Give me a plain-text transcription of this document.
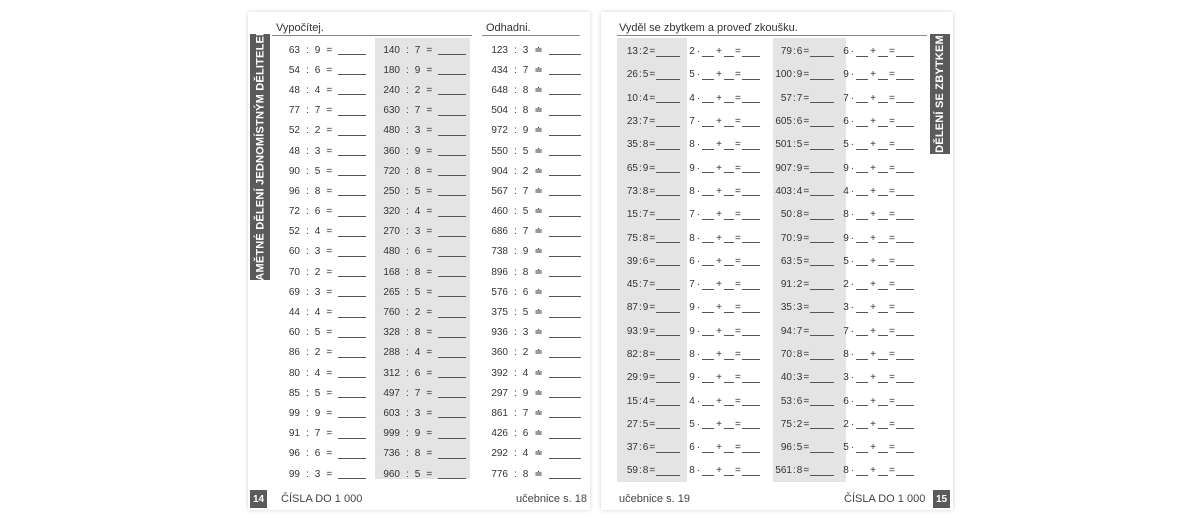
PAMĚTNÉ DĚLENÍ JEDNOMÍSTNÝM DĚLITELEM Vypočítej.	Odhadni.
63 : 9 =
54 : 6 =
48 : 4 =
77 : 7 =
52 : 2 =
48 : 3 =
90 : 5 =
96 : 8 =
72 : 6 =
52 : 4 =
60 : 3 =
70 : 2 =
69 : 3 =
44 : 4 =
60 : 5 =
86 : 2 =
80 : 4 =
85 : 5 =
99 : 9 =
91 : 7 =
96 : 6 =
99 : 3 =
140 : 7 =
180 : 9 =
240 : 2 =
630 : 7 =
480 : 3 =
360 : 9 =
720 : 8 =
250 : 5 =
320 : 4 =
270 : 3 =
480 : 6 =
168 : 8 =
265 : 5 =
760 : 2 =
328 : 8 =
288 : 4 =
312 : 6 =
497 : 7 =
603 : 3 =
999 : 9 =
736 : 8 =
960 : 5 =
123 : 3 ≐
434 : 7 ≐
648 : 8 ≐
504 : 8 ≐
972 : 9 ≐
550 : 5 ≐
904 : 2 ≐
567 : 7 ≐
460 : 5 ≐
686 : 7 ≐
738 : 9 ≐
896 : 8 ≐
576 : 6 ≐
375 : 5 ≐
936 : 3 ≐
360 : 2 ≐
392 : 4 ≐
297 : 9 ≐
861 : 7 ≐
426 : 6 ≐
292 : 4 ≐
776 : 8 ≐
14 ČÍSLA DO 1 000	učebnice s. 18
Vyděl se zbytkem a proveď zkoušku.
DĚLENÍ SE ZBYTKEM
13 : 2 =	2 · + =
26 : 5 =	5 · + =
10 : 4 =	4 · + =
23 : 7 =	7 · + =
35 : 8 =	8 · + =
65 : 9 =	9 · + =
73 : 8 =	8 · + =
15 : 7 =	7 · + =
75 : 8 =	8 · + =
39 : 6 =	6 · + =
45 : 7 =	7 · + =
87 : 9 =	9 · + =
93 : 9 =	9 · + =
82 : 8 =	8 · + =
29 : 9 =	9 · + =
15 : 4 =	4 · + =
27 : 5 =	5 · + =
37 : 6 =	6 · + =
59 : 8 =	8 · + =
79 : 6 =	6 · + =
100 : 9 =	9 · + =
57 : 7 =	7 · + =
605 : 6 =	6 · + =
501 : 5 =	5 · + =
907 : 9 =	9 · + =
403 : 4 =	4 · + =
50 : 8 =	8 · + =
70 : 9 =	9 · + =
63 : 5 =	5 · + =
91 : 2 =	2 · + =
35 : 3 =	3 · + =
94 : 7 =	7 · + =
70 : 8 =	8 · + =
40 : 3 =	3 · + =
53 : 6 =	6 · + =
75 : 2 =	2 · + =
96 : 5 =	5 · + =
561 : 8 =	8 · + =
učebnice s. 19	ČÍSLA DO 1 000 15
